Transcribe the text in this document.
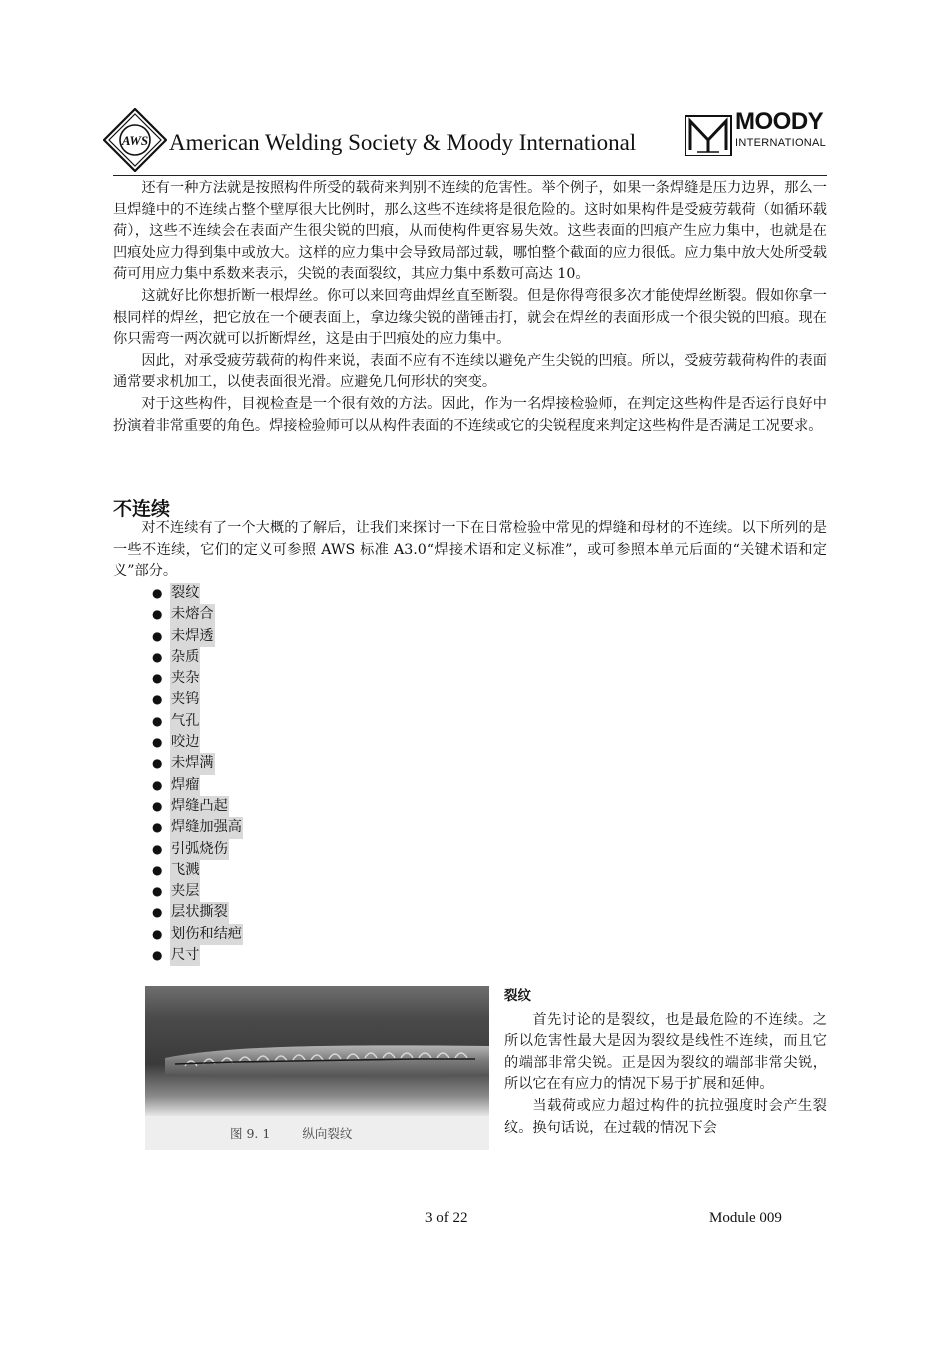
AWS American Welding Society & Moody International
MOODY
INTERNATIONAL

还有一种方法就是按照构件所受的载荷来判别不连续的危害性。举个例子，如果一条焊缝是压力边界，那么一旦焊缝中的不连续占整个壁厚很大比例时，那么这些不连续将是很危险的。这时如果构件是受疲劳载荷（如循环载荷），这些不连续会在表面产生很尖锐的凹痕，从而使构件更容易失效。这些表面的凹痕产生应力集中，也就是在凹痕处应力得到集中或放大。这样的应力集中会导致局部过载，哪怕整个截面的应力很低。应力集中放大处所受载荷可用应力集中系数来表示，尖锐的表面裂纹，其应力集中系数可高达 10。

这就好比你想折断一根焊丝。你可以来回弯曲焊丝直至断裂。但是你得弯很多次才能使焊丝断裂。假如你拿一根同样的焊丝，把它放在一个硬表面上，拿边缘尖锐的凿锤击打，就会在焊丝的表面形成一个很尖锐的凹痕。现在你只需弯一两次就可以折断焊丝，这是由于凹痕处的应力集中。

因此，对承受疲劳载荷的构件来说，表面不应有不连续以避免产生尖锐的凹痕。所以，受疲劳载荷构件的表面通常要求机加工，以使表面很光滑。应避免几何形状的突变。

对于这些构件，目视检查是一个很有效的方法。因此，作为一名焊接检验师，在判定这些构件是否运行良好中扮演着非常重要的角色。焊接检验师可以从构件表面的不连续或它的尖锐程度来判定这些构件是否满足工况要求。

不连续

对不连续有了一个大概的了解后，让我们来探讨一下在日常检验中常见的焊缝和母材的不连续。以下所列的是一些不连续，它们的定义可参照 AWS 标准 A3.0“焊接术语和定义标准”，或可参照本单元后面的“关键术语和定义”部分。

● 裂纹
● 未熔合
● 未焊透
● 杂质
● 夹杂
● 夹钨
● 气孔
● 咬边
● 未焊满
● 焊瘤
● 焊缝凸起
● 焊缝加强高
● 引弧烧伤
● 飞溅
● 夹层
● 层状撕裂
● 划伤和结疤
● 尺寸
图 9. 1	纵向裂纹
裂纹

首先讨论的是裂纹，也是最危险的不连续。之所以危害性最大是因为裂纹是线性不连续，而且它的端部非常尖锐。正是因为裂纹的端部非常尖锐，所以它在有应力的情况下易于扩展和延伸。

当载荷或应力超过构件的抗拉强度时会产生裂纹。换句话说，在过载的情况下会

3 of 22	Module 009
